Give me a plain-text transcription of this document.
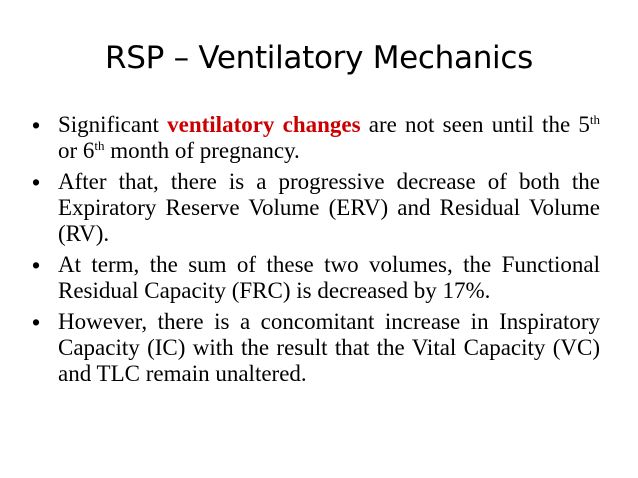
RSP – Ventilatory Mechanics
• Significant ventilatory changes are not seen until the 5th or 6th month of pregnancy.
• After that, there is a progressive decrease of both the Expiratory Reserve Volume (ERV) and Residual Volume (RV).
• At term, the sum of these two volumes, the Functional Residual Capacity (FRC) is decreased by 17%.
• However, there is a concomitant increase in Inspiratory Capacity (IC) with the result that the Vital Capacity (VC) and TLC remain unaltered.
